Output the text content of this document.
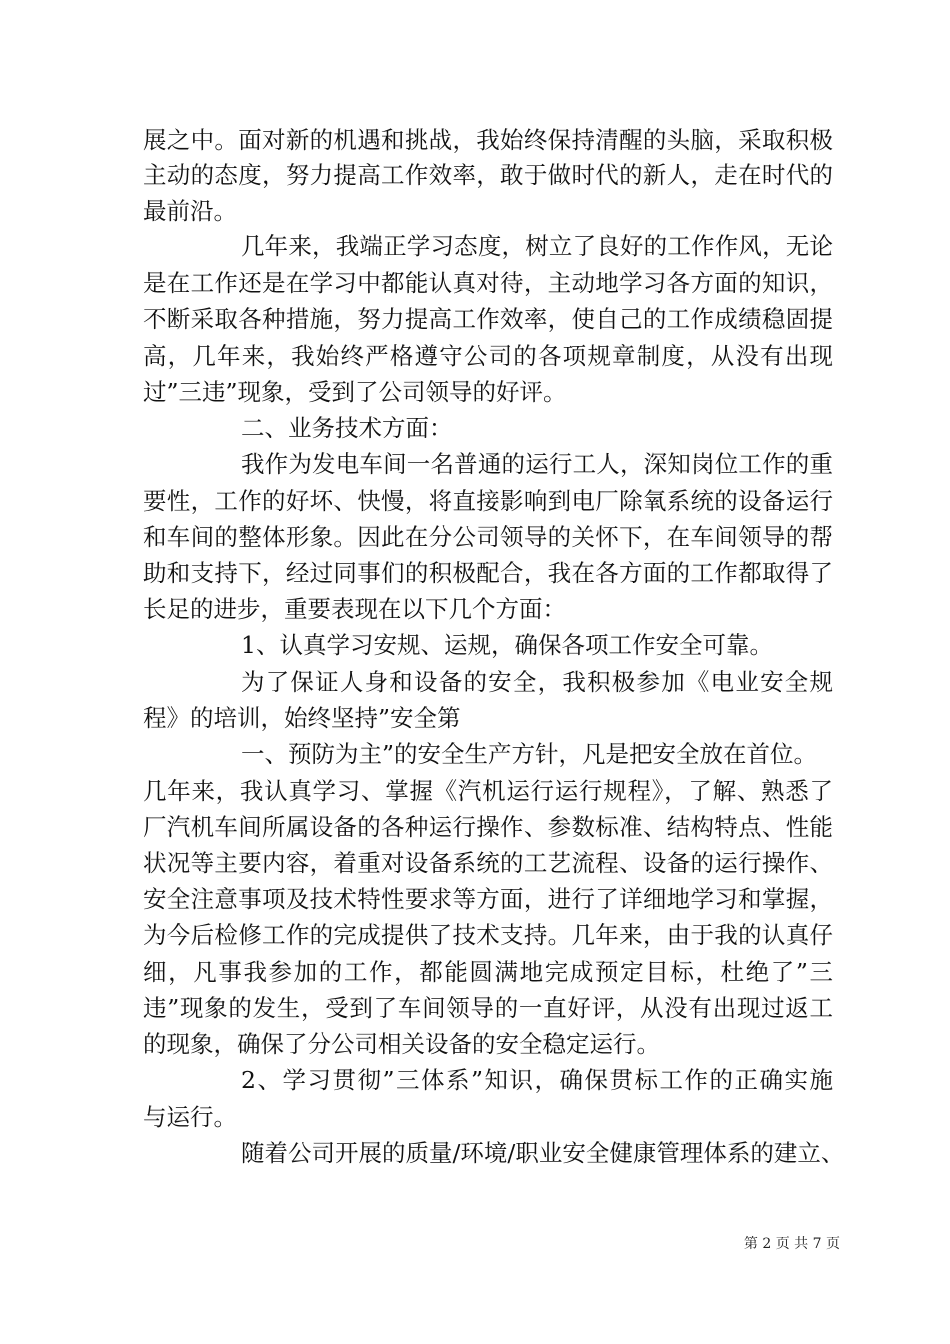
展之中。面对新的机遇和挑战，我始终保持清醒的头脑，采取积极
主动的态度，努力提高工作效率，敢于做时代的新人，走在时代的
最前沿。
几年来，我端正学习态度，树立了良好的工作作风，无论
是在工作还是在学习中都能认真对待，主动地学习各方面的知识，
不断采取各种措施，努力提高工作效率，使自己的工作成绩稳固提
高，几年来，我始终严格遵守公司的各项规章制度，从没有出现
过”三违”现象，受到了公司领导的好评。
二、业务技术方面：
我作为发电车间一名普通的运行工人，深知岗位工作的重
要性，工作的好坏、快慢，将直接影响到电厂除氧系统的设备运行
和车间的整体形象。因此在分公司领导的关怀下，在车间领导的帮
助和支持下，经过同事们的积极配合，我在各方面的工作都取得了
长足的进步，重要表现在以下几个方面：
1、认真学习安规、运规，确保各项工作安全可靠。
为了保证人身和设备的安全，我积极参加《电业安全规
程》的培训，始终坚持”安全第
一、预防为主”的安全生产方针，凡是把安全放在首位。
几年来，我认真学习、掌握《汽机运行运行规程》，了解、熟悉了
厂汽机车间所属设备的各种运行操作、参数标准、结构特点、性能
状况等主要内容，着重对设备系统的工艺流程、设备的运行操作、
安全注意事项及技术特性要求等方面，进行了详细地学习和掌握，
为今后检修工作的完成提供了技术支持。几年来，由于我的认真仔
细，凡事我参加的工作，都能圆满地完成预定目标，杜绝了”三
违”现象的发生，受到了车间领导的一直好评，从没有出现过返工
的现象，确保了分公司相关设备的安全稳定运行。
2、学习贯彻”三体系”知识，确保贯标工作的正确实施
与运行。
随着公司开展的质量/环境/职业安全健康管理体系的建立、
第 2 页 共 7 页
